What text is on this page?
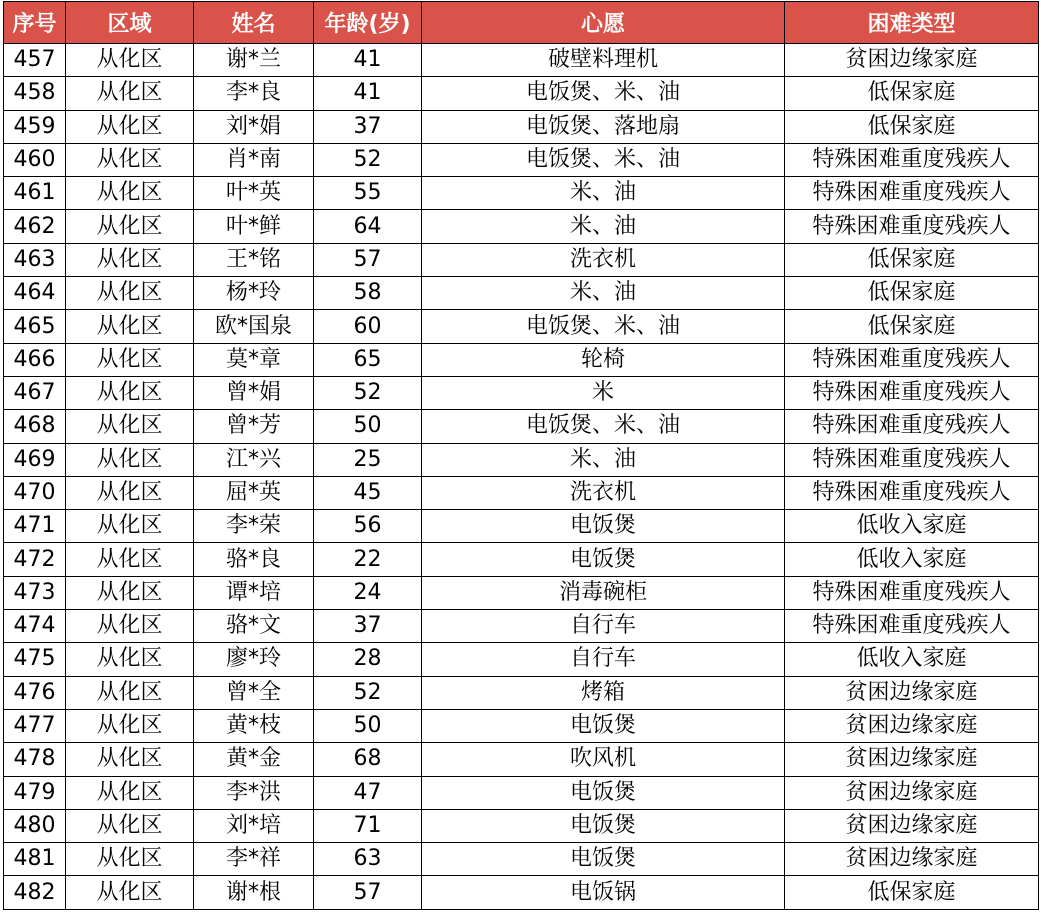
序号	区域	姓名	年龄(岁)	心愿	困难类型
457	从化区	谢*兰	41	破壁料理机	贫困边缘家庭
458	从化区	李*良	41	电饭煲、米、油	低保家庭
459	从化区	刘*娟	37	电饭煲、落地扇	低保家庭
460	从化区	肖*南	52	电饭煲、米、油	特殊困难重度残疾人
461	从化区	叶*英	55	米、油	特殊困难重度残疾人
462	从化区	叶*鲜	64	米、油	特殊困难重度残疾人
463	从化区	王*铭	57	洗衣机	低保家庭
464	从化区	杨*玲	58	米、油	低保家庭
465	从化区	欧*国泉	60	电饭煲、米、油	低保家庭
466	从化区	莫*章	65	轮椅	特殊困难重度残疾人
467	从化区	曾*娟	52	米	特殊困难重度残疾人
468	从化区	曾*芳	50	电饭煲、米、油	特殊困难重度残疾人
469	从化区	江*兴	25	米、油	特殊困难重度残疾人
470	从化区	屈*英	45	洗衣机	特殊困难重度残疾人
471	从化区	李*荣	56	电饭煲	低收入家庭
472	从化区	骆*良	22	电饭煲	低收入家庭
473	从化区	谭*培	24	消毒碗柜	特殊困难重度残疾人
474	从化区	骆*文	37	自行车	特殊困难重度残疾人
475	从化区	廖*玲	28	自行车	低收入家庭
476	从化区	曾*全	52	烤箱	贫困边缘家庭
477	从化区	黄*枝	50	电饭煲	贫困边缘家庭
478	从化区	黄*金	68	吹风机	贫困边缘家庭
479	从化区	李*洪	47	电饭煲	贫困边缘家庭
480	从化区	刘*培	71	电饭煲	贫困边缘家庭
481	从化区	李*祥	63	电饭煲	贫困边缘家庭
482	从化区	谢*根	57	电饭锅	低保家庭
